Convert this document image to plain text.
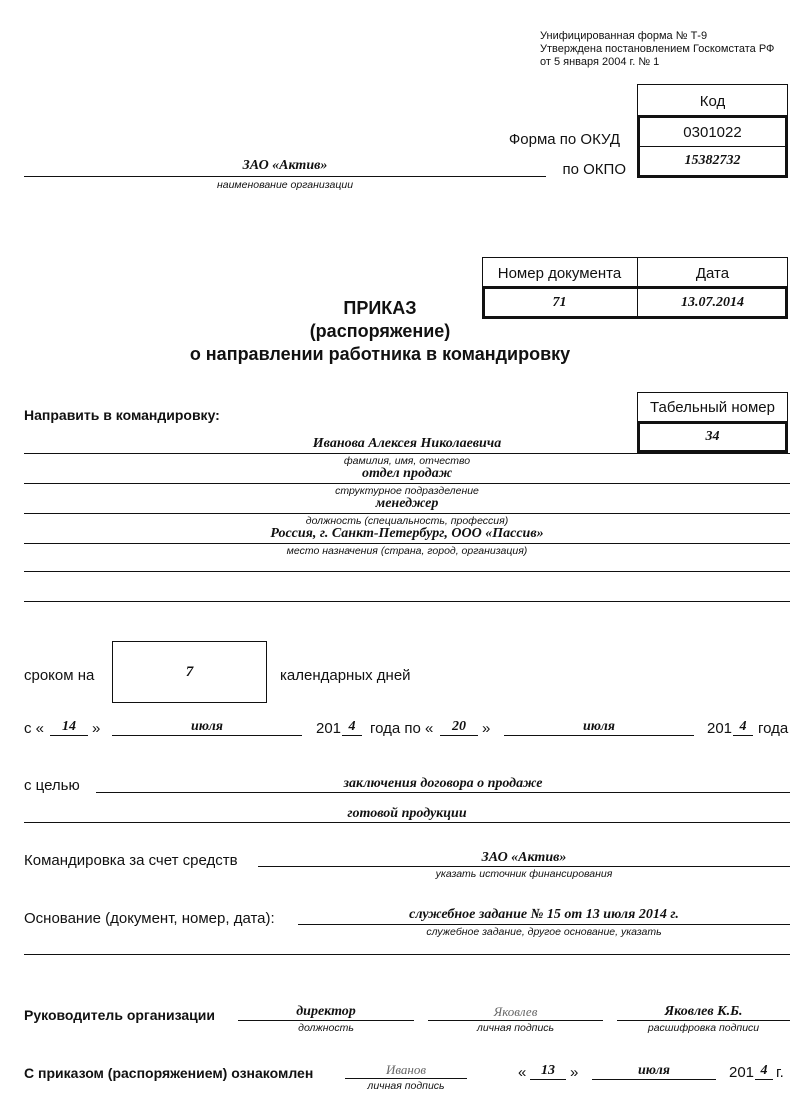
Унифицированная форма № Т-9
Утверждена постановлением Госкомстата РФ
от 5 января 2004 г. № 1
Код
0301022
15382732
Форма по ОКУД
по ОКПО
ЗАО «Актив»
наименование организации
Номер документа	Дата
71	13.07.2014
ПРИКАЗ
(распоряжение)
о направлении работника в командировку
Направить в командировку:	Табельный номер
34
Иванова Алексея Николаевича
фамилия, имя, отчество
отдел продаж
структурное подразделение
менеджер
должность (специальность, профессия)
Россия, г. Санкт-Петербург, ООО «Пассив»
место назначения (страна, город, организация)
сроком на	7	календарных дней
с «	14	»	июля	201 4 года по «	20	»	июля	201 4 года
с целью	заключения договора о продаже
готовой продукции
Командировка за счет средств	ЗАО «Актив»
указать источник финансирования
Основание (документ, номер, дата):	служебное задание № 15 от 13 июля 2014 г.
служебное задание, другое основание, указать
Руководитель организации	директор
должность
Яковлев
личная подпись
Яковлев К.Б.
расшифровка подписи
С приказом (распоряжением) ознакомлен	Иванов
личная подпись
«	13	»	июля	201 4 г.
